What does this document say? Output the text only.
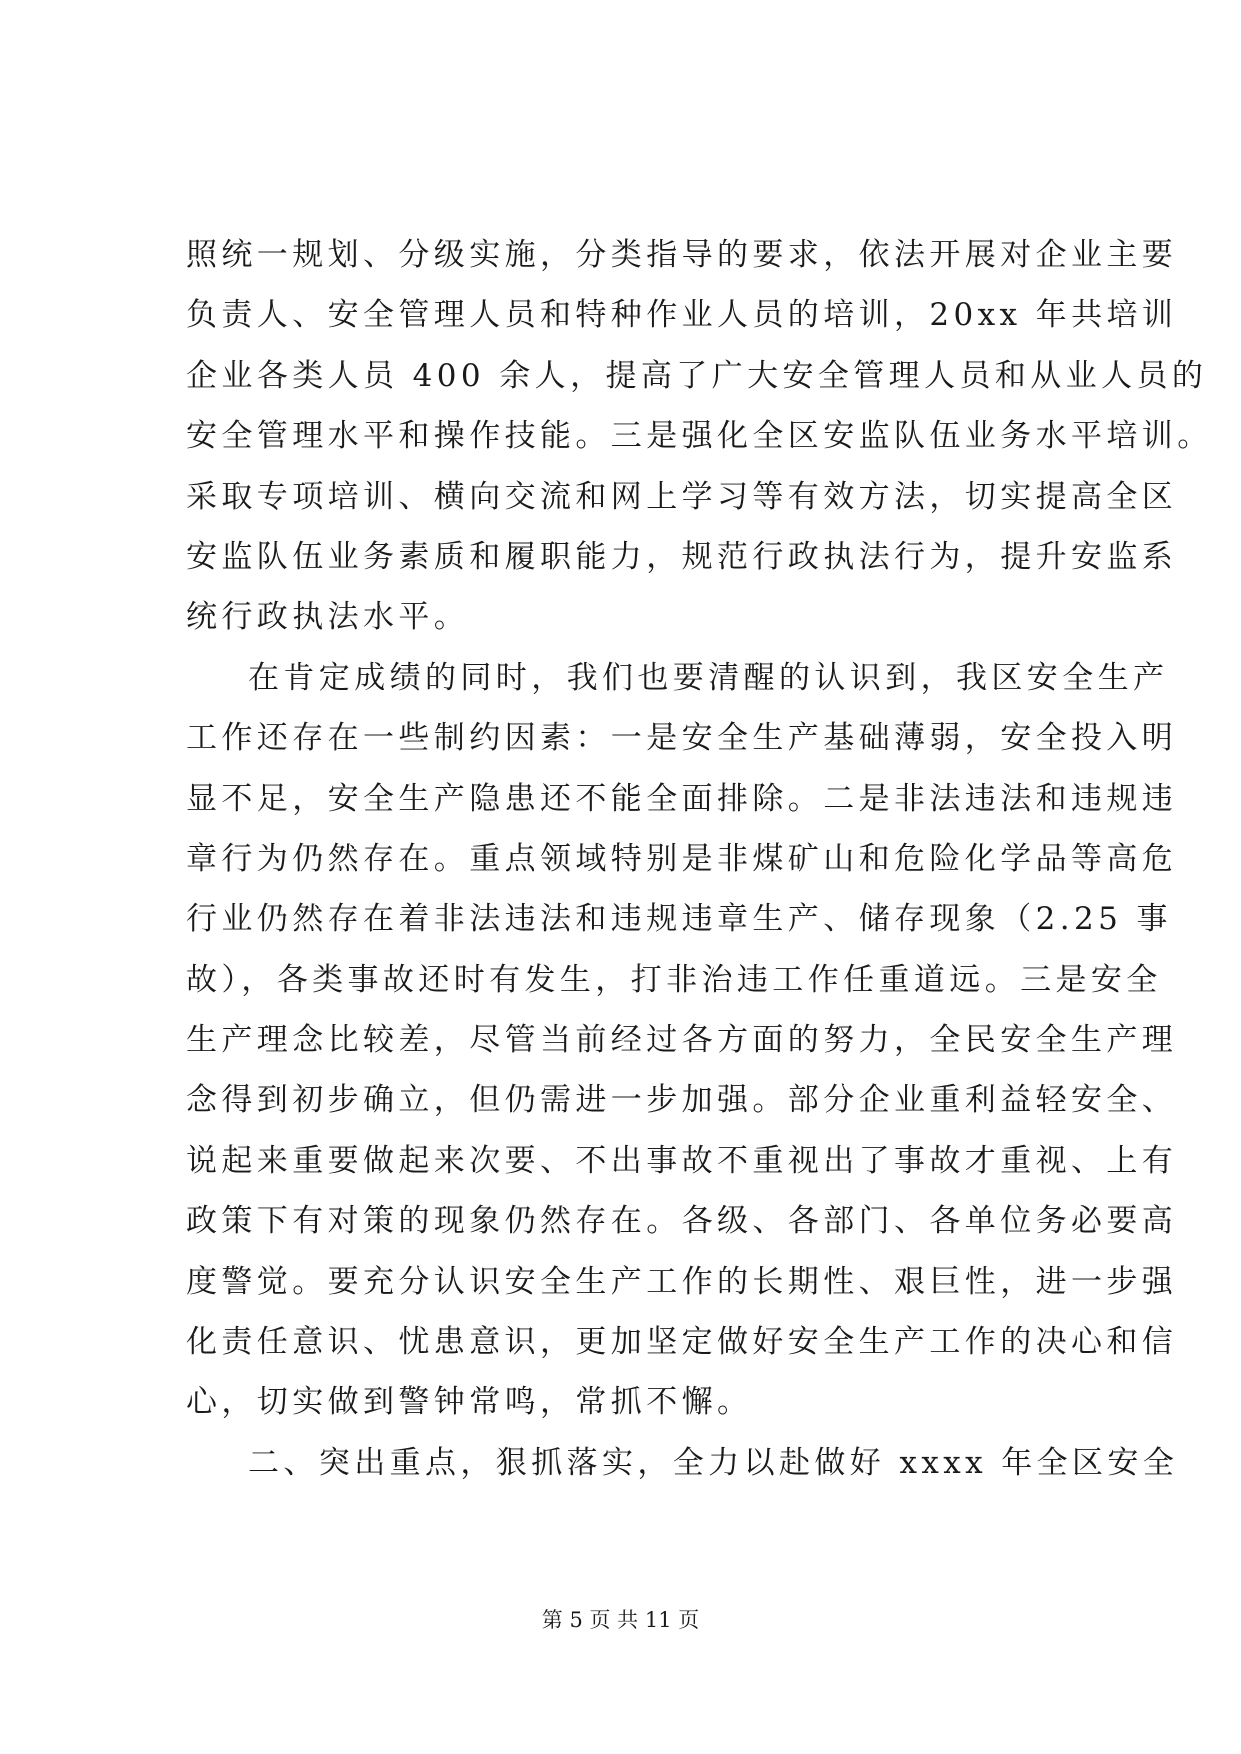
照统一规划、分级实施，分类指导的要求，依法开展对企业主要
负责人、安全管理人员和特种作业人员的培训，20xx 年共培训
企业各类人员 400 余人，提高了广大安全管理人员和从业人员的
安全管理水平和操作技能。三是强化全区安监队伍业务水平培训。
采取专项培训、横向交流和网上学习等有效方法，切实提高全区
安监队伍业务素质和履职能力，规范行政执法行为，提升安监系
统行政执法水平。
在肯定成绩的同时，我们也要清醒的认识到，我区安全生产
工作还存在一些制约因素：一是安全生产基础薄弱，安全投入明
显不足，安全生产隐患还不能全面排除。二是非法违法和违规违
章行为仍然存在。重点领域特别是非煤矿山和危险化学品等高危
行业仍然存在着非法违法和违规违章生产、储存现象（2.25 事
故），各类事故还时有发生，打非治违工作任重道远。三是安全
生产理念比较差，尽管当前经过各方面的努力，全民安全生产理
念得到初步确立，但仍需进一步加强。部分企业重利益轻安全、
说起来重要做起来次要、不出事故不重视出了事故才重视、上有
政策下有对策的现象仍然存在。各级、各部门、各单位务必要高
度警觉。要充分认识安全生产工作的长期性、艰巨性，进一步强
化责任意识、忧患意识，更加坚定做好安全生产工作的决心和信
心，切实做到警钟常鸣，常抓不懈。
二、突出重点，狠抓落实，全力以赴做好 xxxx 年全区安全
第 5 页 共 11 页
